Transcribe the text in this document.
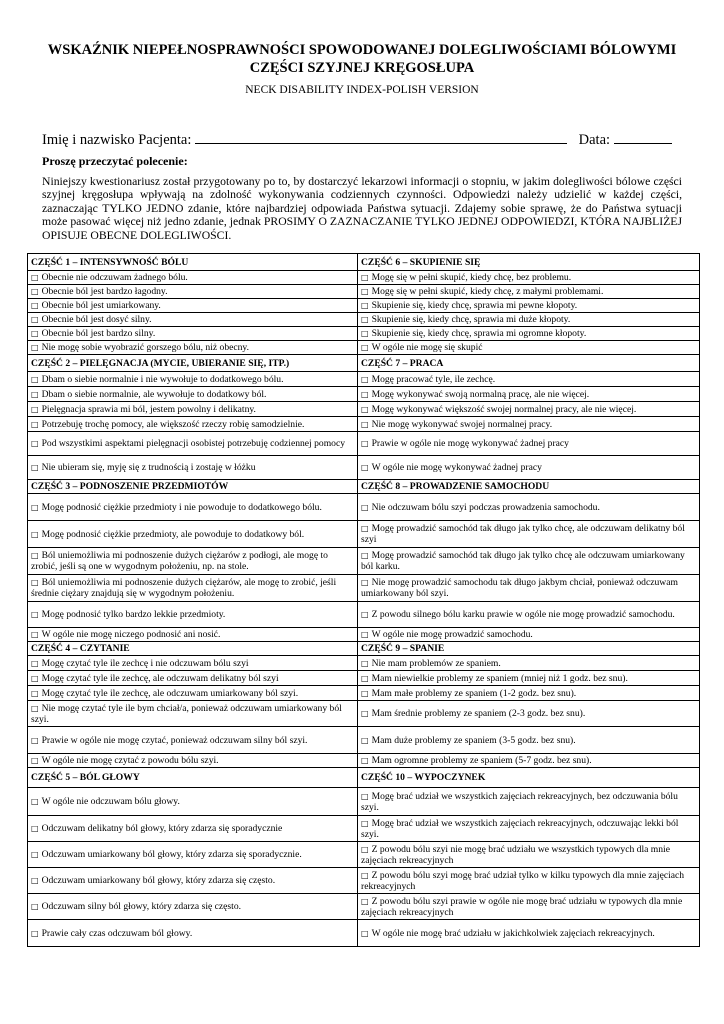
WSKAŹNIK NIEPEŁNOSPRAWNOŚCI SPOWODOWANEJ DOLEGLIWOŚCIAMI BÓLOWYMI
CZĘŚCI SZYJNEJ KRĘGOSŁUPA
NECK DISABILITY INDEX-POLISH VERSION
Imię i nazwisko Pacjenta:	Data:
Proszę przeczytać polecenie:
Niniejszy kwestionariusz został przygotowany po to, by dostarczyć lekarzowi informacji o stopniu, w jakim dolegliwości bólowe części szyjnej kręgosłupa wpływają na zdolność wykonywania codziennych czynności. Odpowiedzi należy udzielić w każdej części, zaznaczając TYLKO JEDNO zdanie, które najbardziej odpowiada Państwa sytuacji. Zdajemy sobie sprawę, że do Państwa sytuacji może pasować więcej niż jedno zdanie, jednak PROSIMY O ZAZNACZANIE TYLKO JEDNEJ ODPOWIEDZI, KTÓRA NAJBLIŻEJ OPISUJE OBECNE DOLEGLIWOŚCI.
CZĘŚĆ 1 – INTENSYWNOŚĆ BÓLU	CZĘŚĆ 6 – SKUPIENIE SIĘ
□ Obecnie nie odczuwam żadnego bólu.	□ Mogę się w pełni skupić, kiedy chcę, bez problemu.
□ Obecnie ból jest bardzo łagodny.	□ Mogę się w pełni skupić, kiedy chcę, z małymi problemami.
□ Obecnie ból jest umiarkowany.	□ Skupienie się, kiedy chcę, sprawia mi pewne kłopoty.
□ Obecnie ból jest dosyć silny.	□ Skupienie się, kiedy chcę, sprawia mi duże kłopoty.
□ Obecnie ból jest bardzo silny.	□ Skupienie się, kiedy chcę, sprawia mi ogromne kłopoty.
□ Nie mogę sobie wyobrazić gorszego bólu, niż obecny.	□ W ogóle nie mogę się skupić
CZĘŚĆ 2 – PIELĘGNACJA (MYCIE, UBIERANIE SIĘ, ITP.)	CZĘŚĆ 7 – PRACA
□ Dbam o siebie normalnie i nie wywołuje to dodatkowego bólu.	□ Mogę pracować tyle, ile zechcę.
□ Dbam o siebie normalnie, ale wywołuje to dodatkowy ból.	□ Mogę wykonywać swoją normalną pracę, ale nie więcej.
□ Pielęgnacja sprawia mi ból, jestem powolny i delikatny.	□ Mogę wykonywać większość swojej normalnej pracy, ale nie więcej.
□ Potrzebuję trochę pomocy, ale większość rzeczy robię samodzielnie.	□ Nie mogę wykonywać swojej normalnej pracy.
□ Pod wszystkimi aspektami pielęgnacji osobistej potrzebuję codziennej pomocy	□ Prawie w ogóle nie mogę wykonywać żadnej pracy
□ Nie ubieram się, myję się z trudnością i zostaję w łóżku	□ W ogóle nie mogę wykonywać żadnej pracy
CZĘŚĆ 3 – PODNOSZENIE PRZEDMIOTÓW	CZĘŚĆ 8 – PROWADZENIE SAMOCHODU
□ Mogę podnosić ciężkie przedmioty i nie powoduje to dodatkowego bólu.	□ Nie odczuwam bólu szyi podczas prowadzenia samochodu.
□ Mogę podnosić ciężkie przedmioty, ale powoduje to dodatkowy ból.	□ Mogę prowadzić samochód tak długo jak tylko chcę, ale odczuwam delikatny ból szyi
□ Ból uniemożliwia mi podnoszenie dużych ciężarów z podłogi, ale mogę to zrobić, jeśli są one w wygodnym położeniu, np. na stole.	□ Mogę prowadzić samochód tak długo jak tylko chcę ale odczuwam umiarkowany ból karku.
□ Ból uniemożliwia mi podnoszenie dużych ciężarów, ale mogę to zrobić, jeśli średnie ciężary znajdują się w wygodnym położeniu.	□ Nie mogę prowadzić samochodu tak długo jakbym chciał, ponieważ odczuwam umiarkowany ból szyi.
□ Mogę podnosić tylko bardzo lekkie przedmioty.	□ Z powodu silnego bólu karku prawie w ogóle nie mogę prowadzić samochodu.
□ W ogóle nie mogę niczego podnosić ani nosić.	□ W ogóle nie mogę prowadzić samochodu.
CZĘŚĆ 4 – CZYTANIE	CZĘŚĆ 9 – SPANIE
□ Mogę czytać tyle ile zechcę i nie odczuwam bólu szyi	□ Nie mam problemów ze spaniem.
□ Mogę czytać tyle ile zechcę, ale odczuwam delikatny ból szyi	□ Mam niewielkie problemy ze spaniem (mniej niż 1 godz. bez snu).
□ Mogę czytać tyle ile zechcę, ale odczuwam umiarkowany ból szyi.	□ Mam małe problemy ze spaniem (1-2 godz. bez snu).
□ Nie mogę czytać tyle ile bym chciał/a, ponieważ odczuwam umiarkowany ból szyi.	□ Mam średnie problemy ze spaniem (2-3 godz. bez snu).
□ Prawie w ogóle nie mogę czytać, ponieważ odczuwam silny ból szyi.	□ Mam duże problemy ze spaniem (3-5 godz. bez snu).
□ W ogóle nie mogę czytać z powodu bólu szyi.	□ Mam ogromne problemy ze spaniem (5-7 godz. bez snu).
CZĘŚĆ 5 – BÓL GŁOWY	CZĘŚĆ 10 – WYPOCZYNEK
□ W ogóle nie odczuwam bólu głowy.	□ Mogę brać udział we wszystkich zajęciach rekreacyjnych, bez odczuwania bólu szyi.
□ Odczuwam delikatny ból głowy, który zdarza się sporadycznie	□ Mogę brać udział we wszystkich zajęciach rekreacyjnych, odczuwając lekki ból szyi.
□ Odczuwam umiarkowany ból głowy, który zdarza się sporadycznie.	□ Z powodu bólu szyi nie mogę brać udziału we wszystkich typowych dla mnie zajęciach rekreacyjnych
□ Odczuwam umiarkowany ból głowy, który zdarza się często.	□ Z powodu bólu szyi mogę brać udział tylko w kilku typowych dla mnie zajęciach rekreacyjnych
□ Odczuwam silny ból głowy, który zdarza się często.	□ Z powodu bólu szyi prawie w ogóle nie mogę brać udziału w typowych dla mnie zajęciach rekreacyjnych
□ Prawie cały czas odczuwam ból głowy.	□ W ogóle nie mogę brać udziału w jakichkolwiek zajęciach rekreacyjnych.
